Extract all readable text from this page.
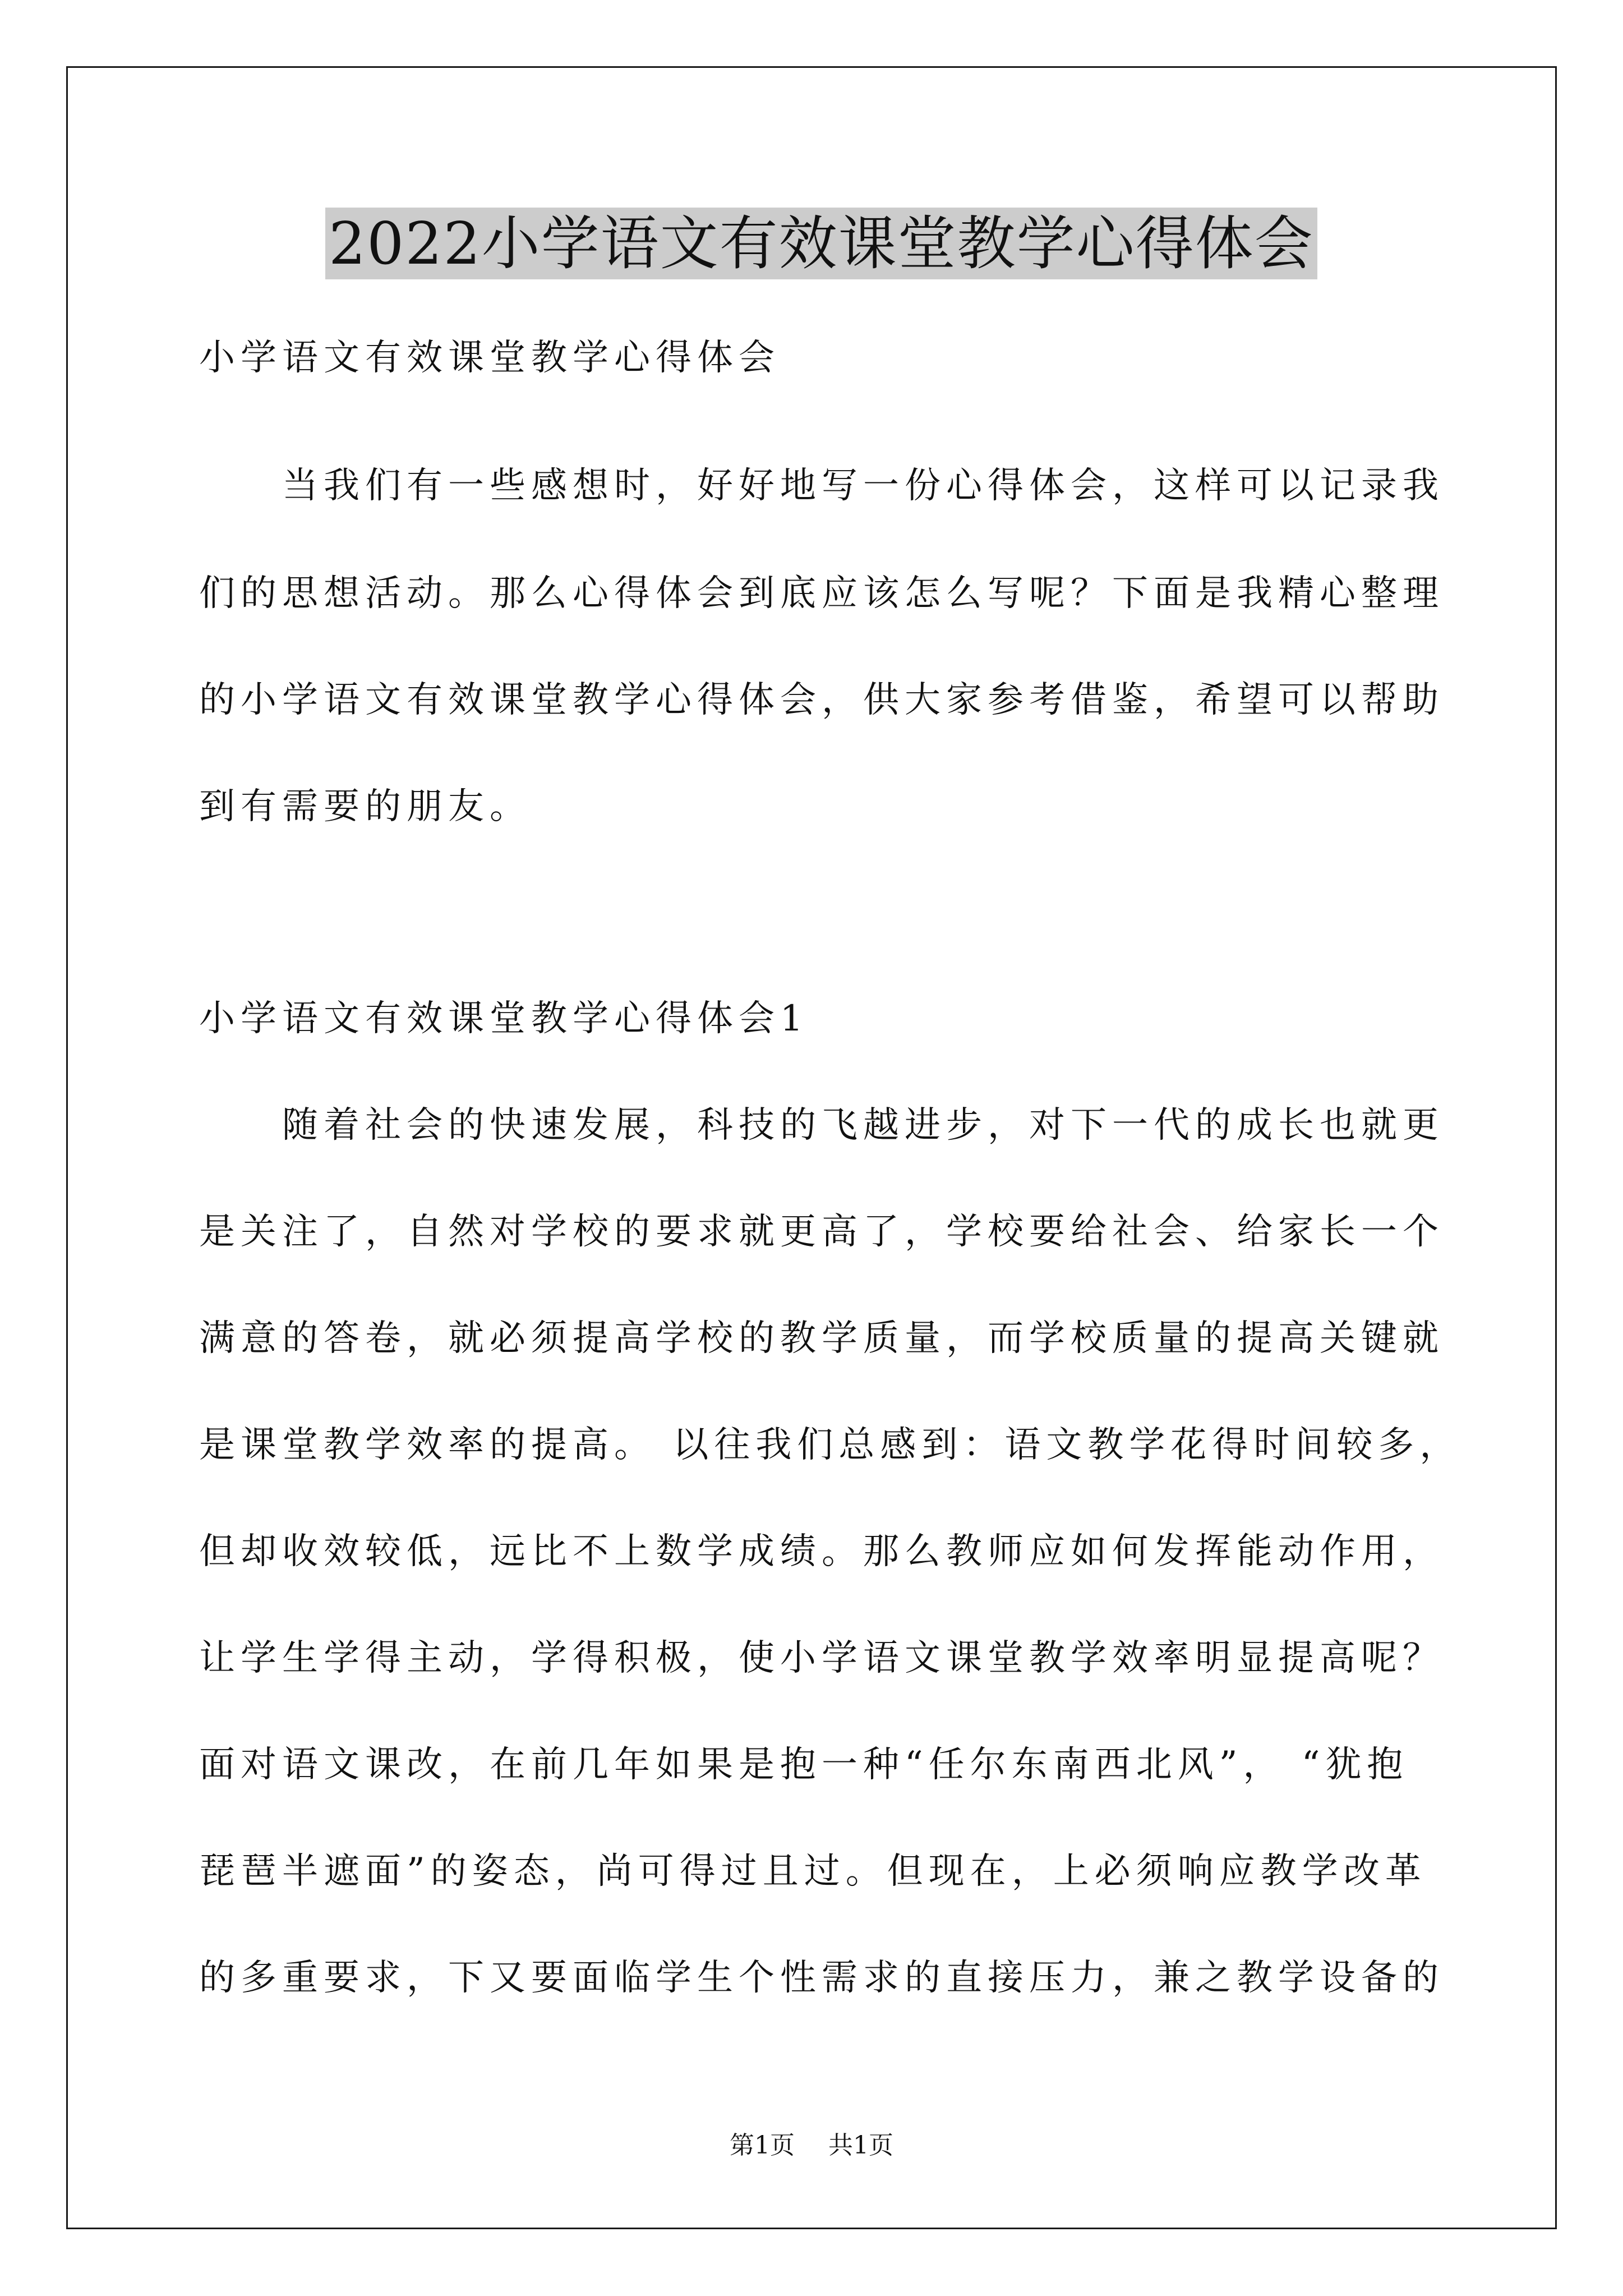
2022小学语文有效课堂教学心得体会
小学语文有效课堂教学心得体会
当我们有一些感想时，好好地写一份心得体会，这样可以记录我
们的思想活动。那么心得体会到底应该怎么写呢？下面是我精心整理
的小学语文有效课堂教学心得体会，供大家参考借鉴，希望可以帮助
到有需要的朋友。
小学语文有效课堂教学心得体会1
随着社会的快速发展，科技的飞越进步，对下一代的成长也就更
是关注了，自然对学校的要求就更高了，学校要给社会、给家长一个
满意的答卷，就必须提高学校的教学质量，而学校质量的提高关键就
是课堂教学效率的提高。 以往我们总感到：语文教学花得时间较多，
但却收效较低，远比不上数学成绩。那么教师应如何发挥能动作用，
让学生学得主动，学得积极，使小学语文课堂教学效率明显提高呢？
面对语文课改，在前几年如果是抱一种“任尔东南西北风”， “犹抱
琵琶半遮面”的姿态，尚可得过且过。但现在，上必须响应教学改革
的多重要求，下又要面临学生个性需求的直接压力，兼之教学设备的
第1页 共1页
